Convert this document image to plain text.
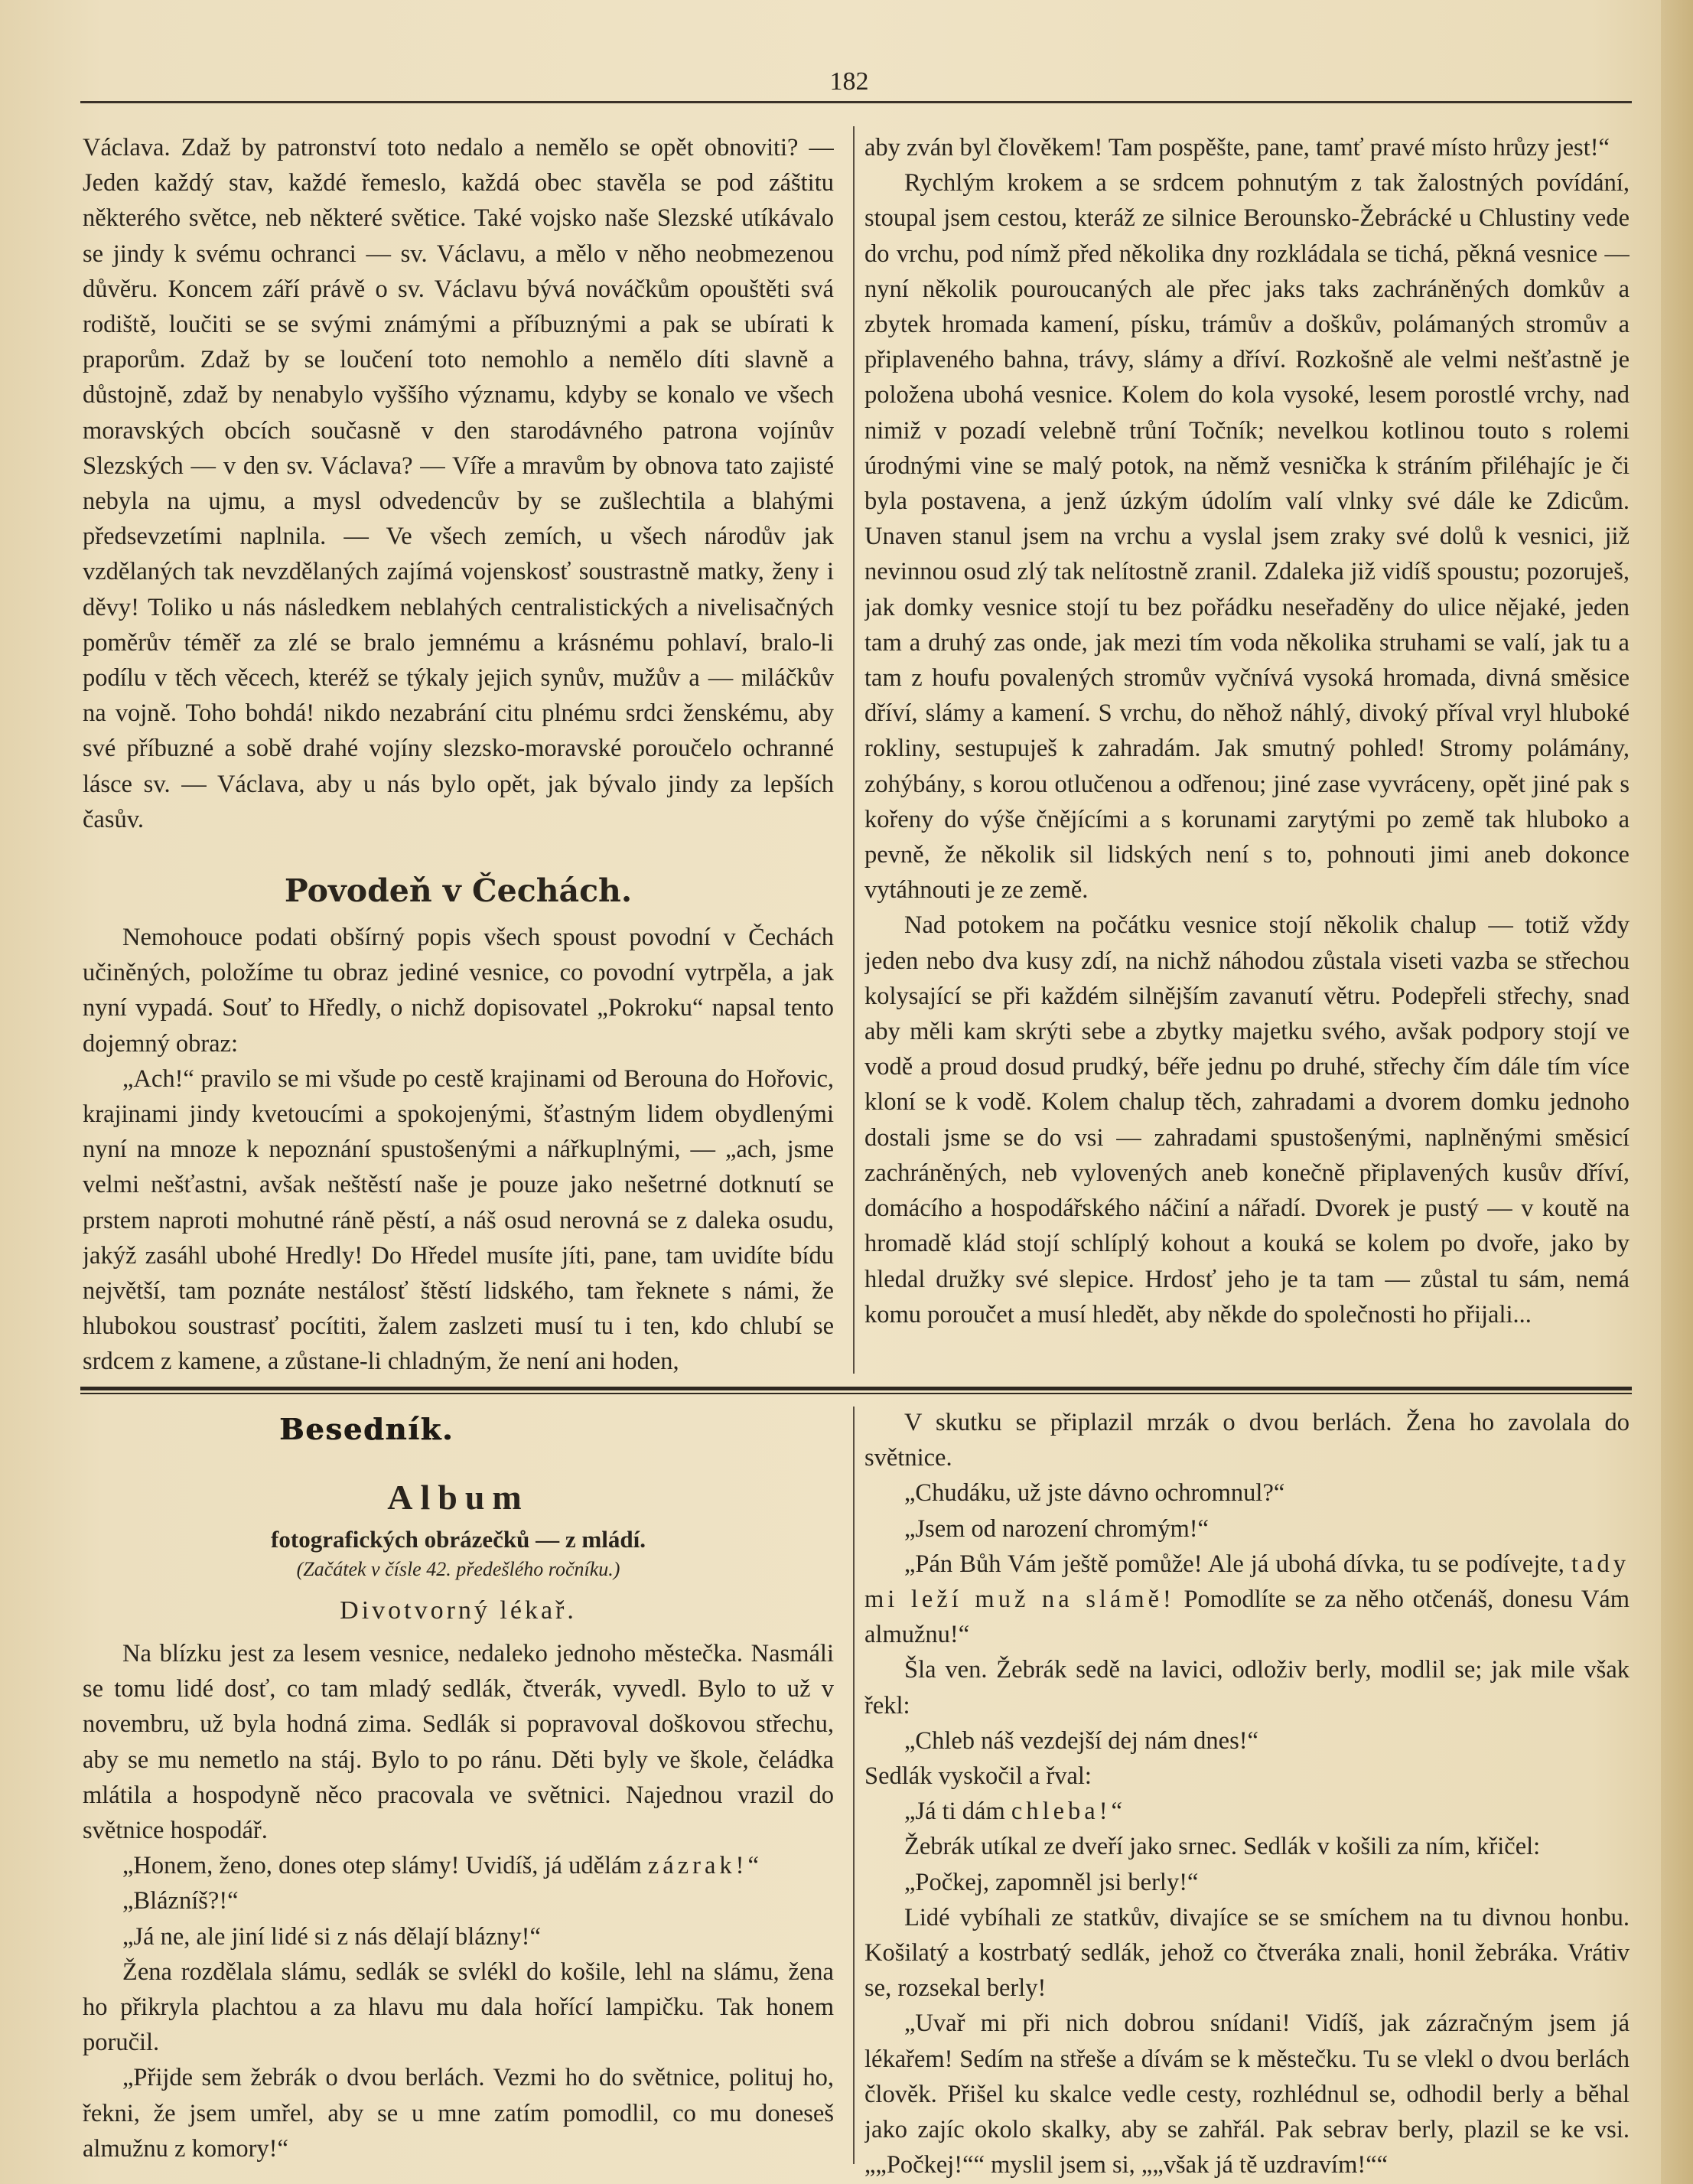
182

Václava. Zdaž by patronství toto nedalo a nemělo se opět obnoviti? — Jeden každý stav, každé řemeslo, každá obec stavěla se pod záštitu některého světce, neb některé světice. Také vojsko naše Slezské utíkávalo se jindy k svému ochranci — sv. Václavu, a mělo v něho neobmezenou důvěru. Koncem září právě o sv. Václavu bývá nováčkům opouštěti svá rodiště, loučiti se se svými známými a příbuznými a pak se ubírati k praporům. Zdaž by se loučení toto nemohlo a nemělo díti slavně a důstojně, zdaž by nenabylo vyššího významu, kdyby se konalo ve všech moravských obcích současně v den starodávného patrona vojínův Slezských — v den sv. Václava? — Víře a mravům by obnova tato zajisté nebyla na ujmu, a mysl odvedencův by se zušlechtila a blahými předsevzetími naplnila. — Ve všech zemích, u všech národův jak vzdělaných tak nevzdělaných zajímá vojenskosť soustrastně matky, ženy i děvy! Toliko u nás následkem neblahých centralistických a nivelisačných poměrův téměř za zlé se bralo jemnému a krásnému pohlaví, bralo-li podílu v těch věcech, kteréž se týkaly jejich synův, mužův a — miláčkův na vojně. Toho bohdá! nikdo nezabrání citu plnému srdci ženskému, aby své příbuzné a sobě drahé vojíny slezsko-moravské poroučelo ochranné lásce sv. — Václava, aby u nás bylo opět, jak bývalo jindy za lepších časův.

Povodeň v Čechách.

Nemohouce podati obšírný popis všech spoust povodní v Čechách učiněných, položíme tu obraz jediné vesnice, co povodní vytrpěla, a jak nyní vypadá. Souť to Hředly, o nichž dopisovatel „Pokroku“ napsal tento dojemný obraz:

„Ach!“ pravilo se mi všude po cestě krajinami od Berouna do Hořovic, krajinami jindy kvetoucími a spokojenými, šťastným lidem obydlenými nyní na mnoze k nepoznání spustošenými a nářkuplnými, — „ach, jsme velmi nešťastni, avšak neštěstí naše je pouze jako nešetrné dotknutí se prstem naproti mohutné ráně pěstí, a náš osud nerovná se z daleka osudu, jakýž zasáhl ubohé Hredly! Do Hředel musíte jíti, pane, tam uvidíte bídu největší, tam poznáte nestálosť štěstí lidského, tam řeknete s námi, že hlubokou soustrasť pocítiti, žalem zaslzeti musí tu i ten, kdo chlubí se srdcem z kamene, a zůstane-li chladným, že není ani hoden,

aby zván byl člověkem! Tam pospěšte, pane, tamť pravé místo hrůzy jest!“

Rychlým krokem a se srdcem pohnutým z tak žalostných povídání, stoupal jsem cestou, kteráž ze silnice Berounsko-Žebrácké u Chlustiny vede do vrchu, pod nímž před několika dny rozkládala se tichá, pěkná vesnice — nyní několik pouroucaných ale přec jaks taks zachráněných domkův a zbytek hromada kamení, písku, trámův a doškův, polámaných stromův a připlaveného bahna, trávy, slámy a dříví. Rozkošně ale velmi nešťastně je položena ubohá vesnice. Kolem do kola vysoké, lesem porostlé vrchy, nad nimiž v pozadí velebně trůní Točník; nevelkou kotlinou touto s rolemi úrodnými vine se malý potok, na němž vesnička k stráním přiléhajíc je či byla postavena, a jenž úzkým údolím valí vlnky své dále ke Zdicům. Unaven stanul jsem na vrchu a vyslal jsem zraky své dolů k vesnici, již nevinnou osud zlý tak nelítostně zranil. Zdaleka již vidíš spoustu; pozoruješ, jak domky vesnice stojí tu bez pořádku neseřaděny do ulice nějaké, jeden tam a druhý zas onde, jak mezi tím voda několika struhami se valí, jak tu a tam z houfu povalených stromův vyčnívá vysoká hromada, divná směsice dříví, slámy a kamení. S vrchu, do něhož náhlý, divoký příval vryl hluboké rokliny, sestupuješ k zahradám. Jak smutný pohled! Stromy polámány, zohýbány, s korou otlučenou a odřenou; jiné zase vyvráceny, opět jiné pak s kořeny do výše čnějícími a s korunami zarytými po země tak hluboko a pevně, že několik sil lidských není s to, pohnouti jimi aneb dokonce vytáhnouti je ze země.

Nad potokem na počátku vesnice stojí několik chalup — totiž vždy jeden nebo dva kusy zdí, na nichž náhodou zůstala viseti vazba se střechou kolysající se při každém silnějším zavanutí větru. Podepřeli střechy, snad aby měli kam skrýti sebe a zbytky majetku svého, avšak podpory stojí ve vodě a proud dosud prudký, béře jednu po druhé, střechy čím dále tím více kloní se k vodě. Kolem chalup těch, zahradami a dvorem domku jednoho dostali jsme se do vsi — zahradami spustošenými, naplněnými směsicí zachráněných, neb vylovených aneb konečně připlavených kusův dříví, domácího a hospodářského náčiní a nářadí. Dvorek je pustý — v koutě na hromadě klád stojí schlíplý kohout a kouká se kolem po dvoře, jako by hledal družky své slepice. Hrdosť jeho je ta tam — zůstal tu sám, nemá komu poroučet a musí hledět, aby někde do společnosti ho přijali...

Besedník.
Album
fotografických obrázečků — z mládí.
(Začátek v čísle 42. předešlého ročníku.)
Divotvorný lékař.

Na blízku jest za lesem vesnice, nedaleko jednoho městečka. Nasmáli se tomu lidé dosť, co tam mladý sedlák, čtverák, vyvedl. Bylo to už v novembru, už byla hodná zima. Sedlák si popravoval doškovou střechu, aby se mu nemetlo na stáj. Bylo to po ránu. Děti byly ve škole, čeládka mlátila a hospodyně něco pracovala ve světnici. Najednou vrazil do světnice hospodář.

„Honem, ženo, dones otep slámy! Uvidíš, já udělám zázrak!“

„Blázníš?!“

„Já ne, ale jiní lidé si z nás dělají blázny!“

Žena rozdělala slámu, sedlák se svlékl do košile, lehl na slámu, žena ho přikryla plachtou a za hlavu mu dala hořící lampičku. Tak honem poručil.

„Přijde sem žebrák o dvou berlách. Vezmi ho do světnice, polituj ho, řekni, že jsem umřel, aby se u mne zatím pomodlil, co mu doneseš almužnu z komory!“

V skutku se připlazil mrzák o dvou berlách. Žena ho zavolala do světnice.

„Chudáku, už jste dávno ochromnul?“

„Jsem od narození chromým!“

„Pán Bůh Vám ještě pomůže! Ale já ubohá dívka, tu se podívejte, tady mi leží muž na slámě! Pomodlíte se za něho otčenáš, donesu Vám almužnu!“

Šla ven. Žebrák sedě na lavici, odloživ berly, modlil se; jak mile však řekl:

„Chleb náš vezdejší dej nám dnes!“

Sedlák vyskočil a řval:

„Já ti dám chleba!“

Žebrák utíkal ze dveří jako srnec. Sedlák v košili za ním, křičel:

„Počkej, zapomněl jsi berly!“

Lidé vybíhali ze statkův, divajíce se se smíchem na tu divnou honbu. Košilatý a kostrbatý sedlák, jehož co čtveráka znali, honil žebráka. Vrátiv se, rozsekal berly!

„Uvař mi při nich dobrou snídani! Vidíš, jak zázračným jsem já lékařem! Sedím na střeše a dívám se k městečku. Tu se vlekl o dvou berlách člověk. Přišel ku skalce vedle cesty, rozhlédnul se, odhodil berly a běhal jako zajíc okolo skalky, aby se zahřál. Pak sebrav berly, plazil se ke vsi. „„Počkej!““ myslil jsem si, „„však já tě uzdravím!““
